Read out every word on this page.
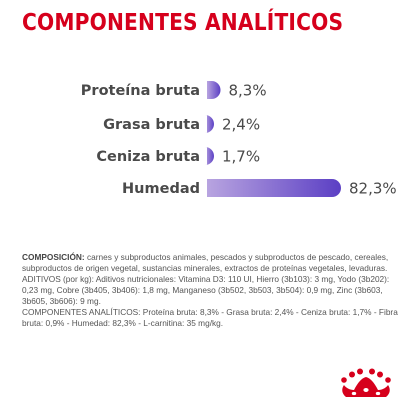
COMPONENTES ANALÍTICOS
Proteína bruta 8,3%
Grasa bruta 2,4%
Ceniza bruta 1,7%
Humedad	82,3%

COMPOSICIÓN: carnes y subproductos animales, pescados y subproductos de pescado, cereales, subproductos de origen vegetal, sustancias minerales, extractos de proteínas vegetales, levaduras.

ADITIVOS (por kg): Aditivos nutricionales: Vitamina D3: 110 UI, Hierro (3b103): 3 mg, Yodo (3b202): 0,23 mg, Cobre (3b405, 3b406): 1,8 mg, Manganeso (3b502, 3b503, 3b504): 0,9 mg, Zinc (3b603, 3b605, 3b606): 9 mg.

COMPONENTES ANALÍTICOS: Proteína bruta: 8,3% - Grasa bruta: 2,4% - Ceniza bruta: 1,7% - Fibra bruta: 0,9% - Humedad: 82,3% - L-carnitina: 35 mg/kg.
